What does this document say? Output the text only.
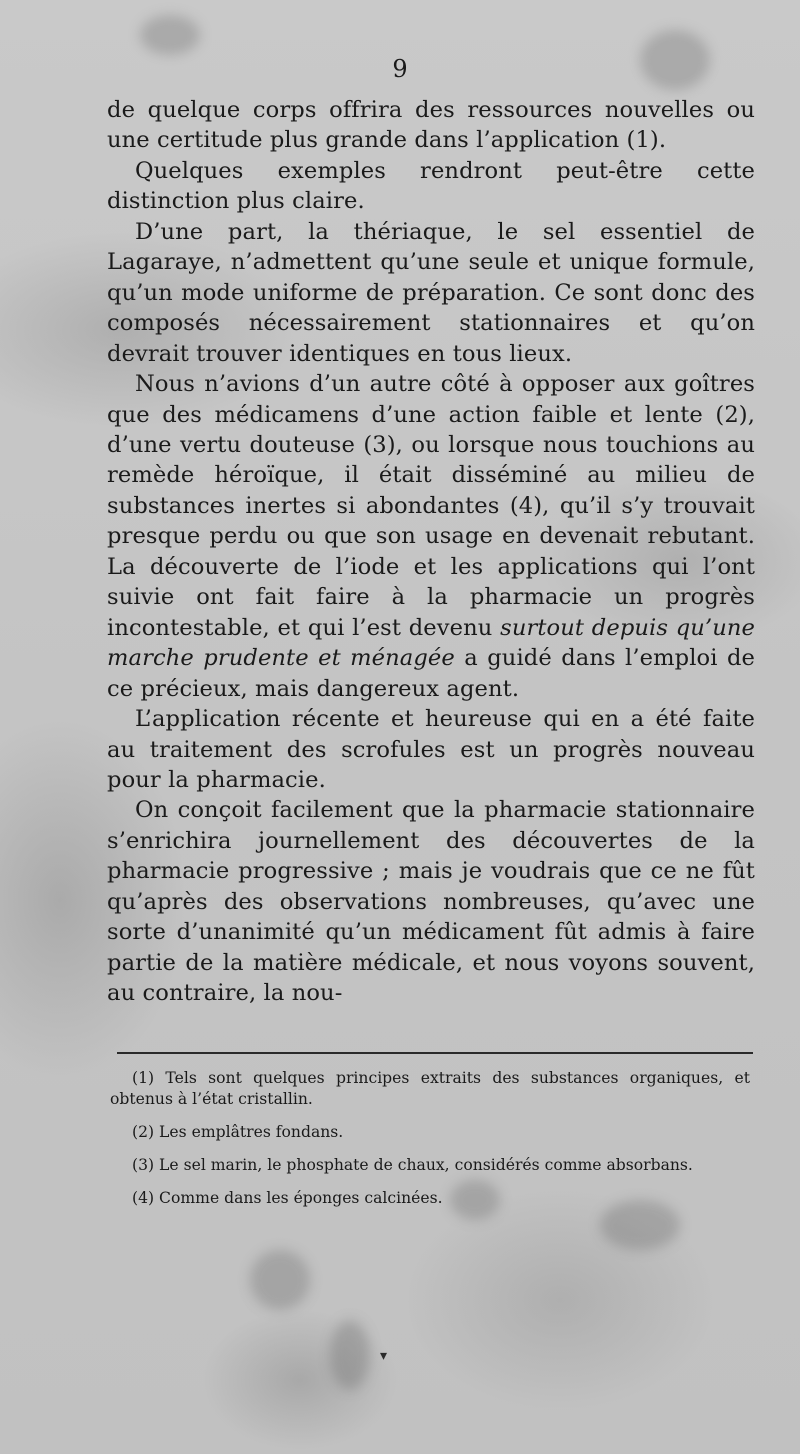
9

de quelque corps offrira des ressources nouvelles ou une certitude plus grande dans l’application (1).

Quelques exemples rendront peut-être cette distinction plus claire.

D’une part, la thériaque, le sel essentiel de Lagaraye, n’admettent qu’une seule et unique formule, qu’un mode uniforme de préparation. Ce sont donc des composés nécessairement stationnaires et qu’on devrait trouver identiques en tous lieux.

Nous n’avions d’un autre côté à opposer aux goîtres que des médicamens d’une action faible et lente (2), d’une vertu douteuse (3), ou lorsque nous touchions au remède héroïque, il était disséminé au milieu de substances inertes si abondantes (4), qu’il s’y trouvait presque perdu ou que son usage en devenait rebutant. La découverte de l’iode et les applications qui l’ont suivie ont fait faire à la pharmacie un progrès incontestable, et qui l’est devenu surtout depuis qu’une marche prudente et ménagée a guidé dans l’emploi de ce précieux, mais dangereux agent.

L’application récente et heureuse qui en a été faite au traitement des scrofules est un progrès nouveau pour la pharmacie.

On conçoit facilement que la pharmacie stationnaire s’enrichira journellement des découvertes de la pharmacie progressive ; mais je voudrais que ce ne fût qu’après des observations nombreuses, qu’avec une sorte d’unanimité qu’un médicament fût admis à faire partie de la matière médicale, et nous voyons souvent, au contraire, la nou-

(1) Tels sont quelques principes extraits des substances organiques, et obtenus à l’état cristallin.

(2) Les emplâtres fondans.

(3) Le sel marin, le phosphate de chaux, considérés comme absorbans.

(4) Comme dans les éponges calcinées.

▾
